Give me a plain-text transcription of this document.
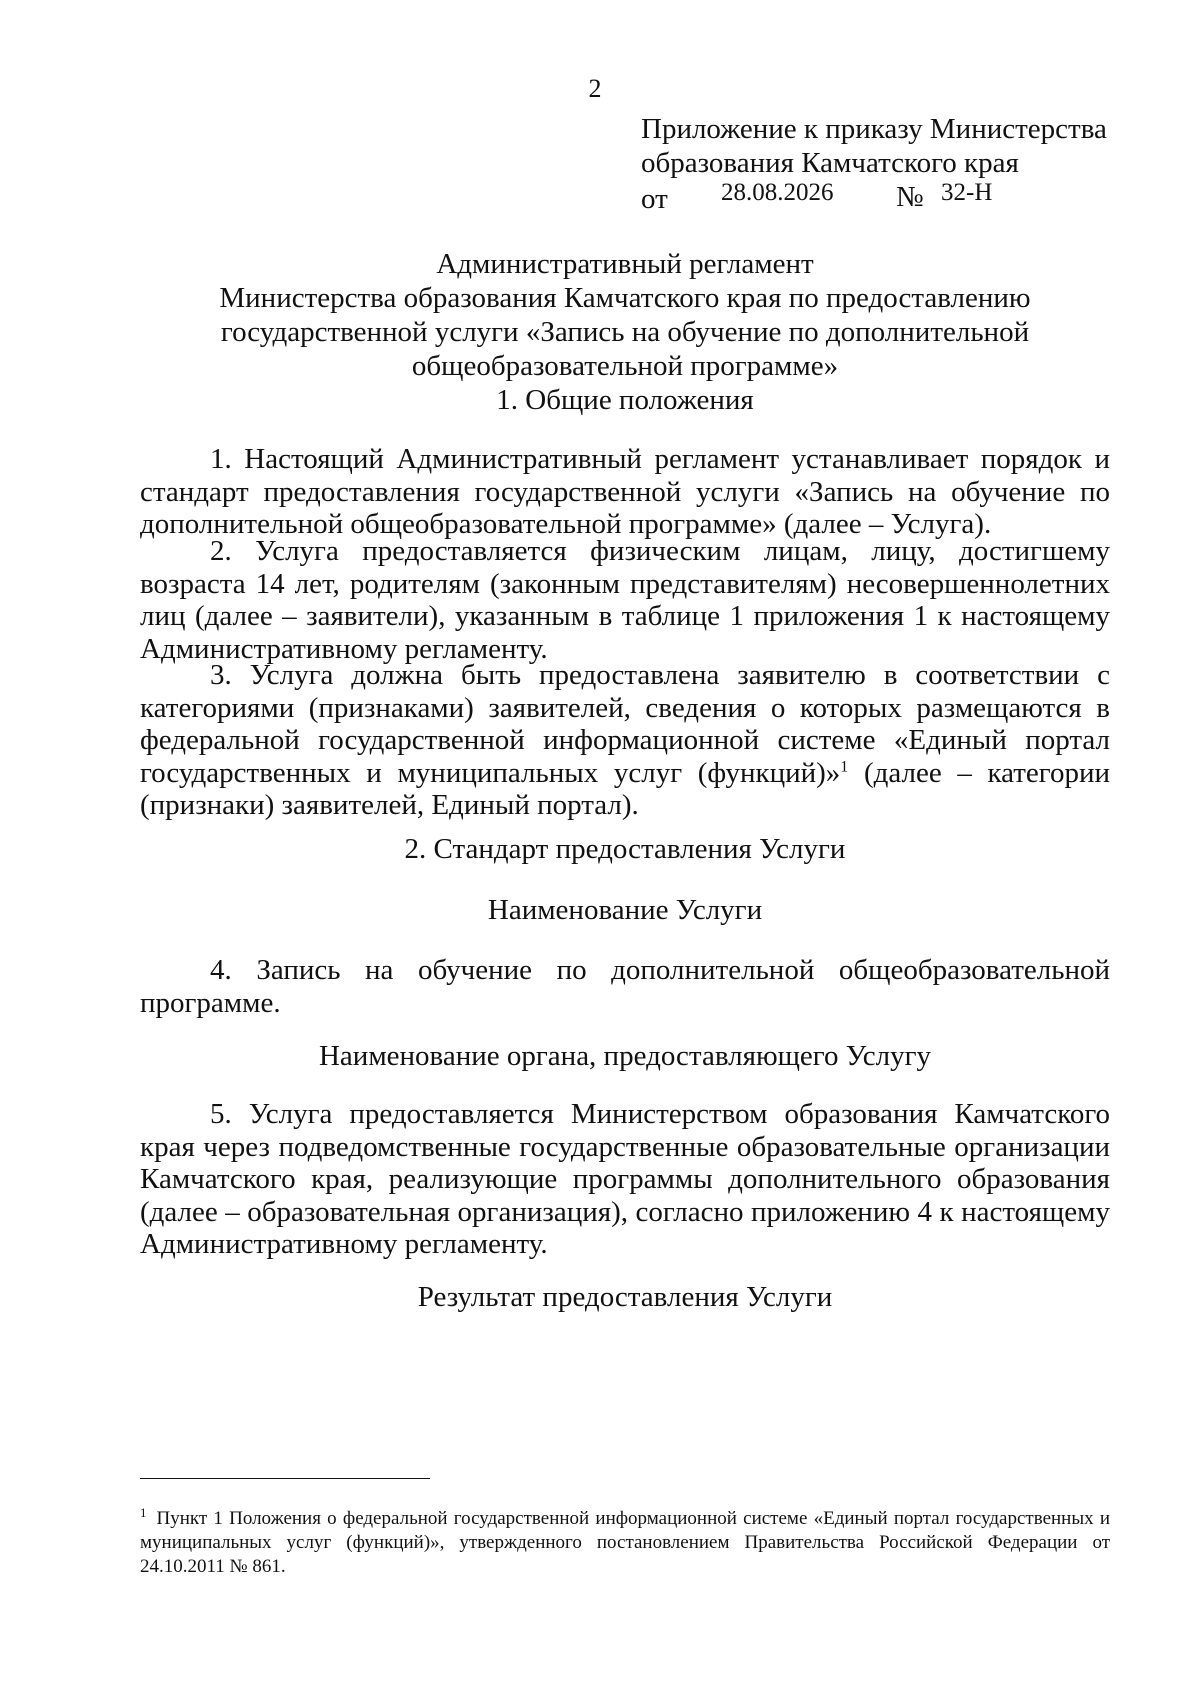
2
Приложение к приказу Министерства
образования Камчатского края
от 28.08.2026 № 32-Н
Административный регламент
Министерства образования Камчатского края по предоставлению
государственной услуги «Запись на обучение по дополнительной
общеобразовательной программе»
1. Общие положения
1. Настоящий Административный регламент устанавливает порядок и стандарт предоставления государственной услуги «Запись на обучение по дополнительной общеобразовательной программе» (далее – Услуга).
2. Услуга предоставляется физическим лицам, лицу, достигшему возраста 14 лет, родителям (законным представителям) несовершеннолетних лиц (далее – заявители), указанным в таблице 1 приложения 1 к настоящему Административному регламенту.
3. Услуга должна быть предоставлена заявителю в соответствии с категориями (признаками) заявителей, сведения о которых размещаются в федеральной государственной информационной системе «Единый портал государственных и муниципальных услуг (функций)»$^1$ (далее – категории (признаки) заявителей, Единый портал).
2. Стандарт предоставления Услуги
Наименование Услуги
4. Запись на обучение по дополнительной общеобразовательной программе.
Наименование органа, предоставляющего Услугу
5. Услуга предоставляется Министерством образования Камчатского края через подведомственные государственные образовательные организации Камчатского края, реализующие программы дополнительного образования (далее – образовательная организация), согласно приложению 4 к настоящему Административному регламенту.
Результат предоставления Услуги
$^1$ Пункт 1 Положения о федеральной государственной информационной системе «Единый портал государственных и муниципальных услуг (функций)», утвержденного постановлением Правительства Российской Федерации от 24.10.2011 № 861.
